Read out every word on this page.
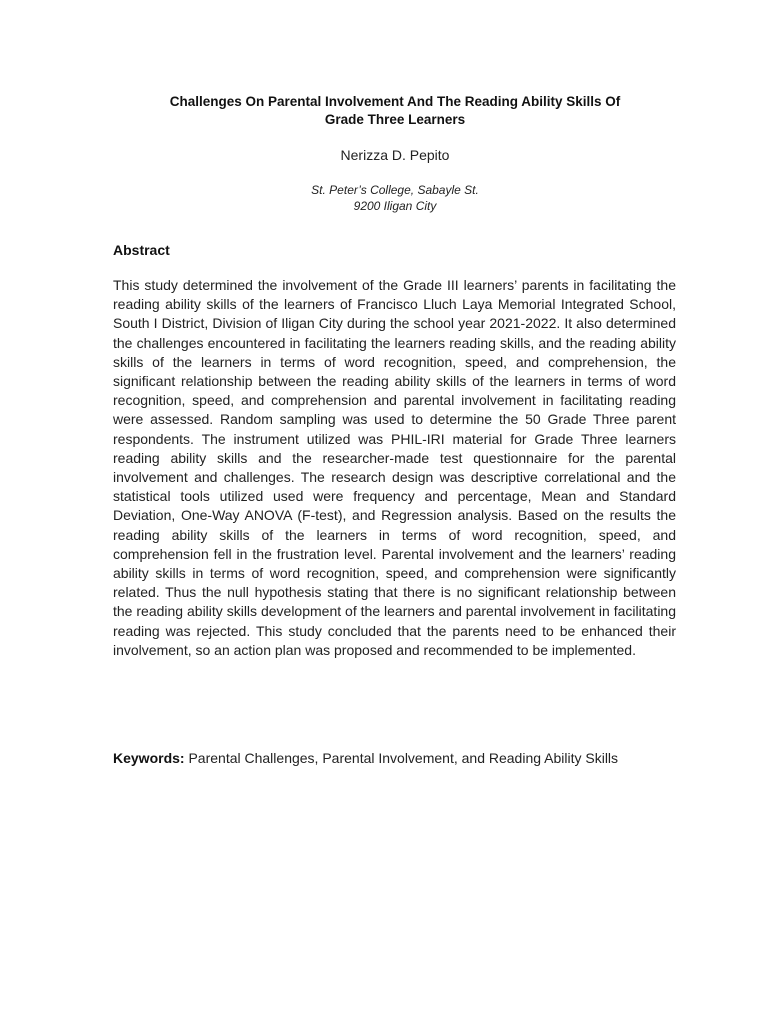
Challenges On Parental Involvement And The Reading Ability Skills Of
Grade Three Learners
Nerizza D. Pepito
St. Peter’s College, Sabayle St.
9200 Iligan City
Abstract

This study determined the involvement of the Grade III learners’ parents in facilitating the reading ability skills of the learners of Francisco Lluch Laya Memorial Integrated School, South I District, Division of Iligan City during the school year 2021-2022. It also determined the challenges encountered in facilitating the learners reading skills, and the reading ability skills of the learners in terms of word recognition, speed, and comprehension, the significant relationship between the reading ability skills of the learners in terms of word recognition, speed, and comprehension and parental involvement in facilitating reading were assessed. Random sampling was used to determine the 50 Grade Three parent respondents. The instrument utilized was PHIL-IRI material for Grade Three learners reading ability skills and the researcher-made test questionnaire for the parental involvement and challenges. The research design was descriptive correlational and the statistical tools utilized used were frequency and percentage, Mean and Standard Deviation, One-Way ANOVA (F-test), and Regression analysis. Based on the results the reading ability skills of the learners in terms of word recognition, speed, and comprehension fell in the frustration level. Parental involvement and the learners’ reading ability skills in terms of word recognition, speed, and comprehension were significantly related. Thus the null hypothesis stating that there is no significant relationship between the reading ability skills development of the learners and parental involvement in facilitating reading was rejected. This study concluded that the parents need to be enhanced their involvement, so an action plan was proposed and recommended to be implemented.

Keywords: Parental Challenges, Parental Involvement, and Reading Ability Skills
